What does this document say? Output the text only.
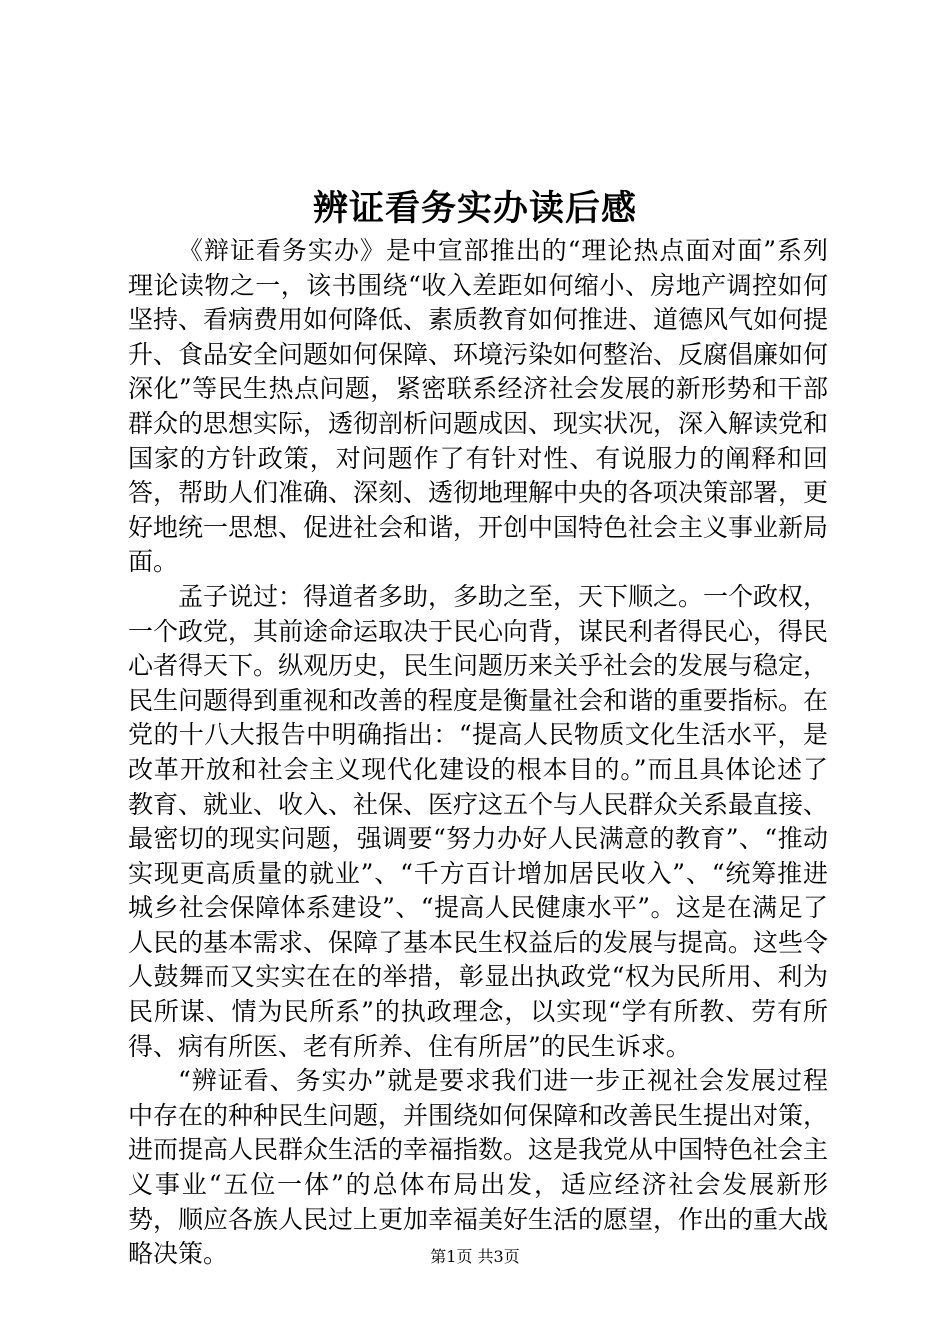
辨证看务实办读后感

《辩证看务实办》是中宣部推出的“理论热点面对面”系列理论读物之一，该书围绕“收入差距如何缩小、房地产调控如何坚持、看病费用如何降低、素质教育如何推进、道德风气如何提升、食品安全问题如何保障、环境污染如何整治、反腐倡廉如何深化”等民生热点问题，紧密联系经济社会发展的新形势和干部群众的思想实际，透彻剖析问题成因、现实状况，深入解读党和国家的方针政策，对问题作了有针对性、有说服力的阐释和回答，帮助人们准确、深刻、透彻地理解中央的各项决策部署，更好地统一思想、促进社会和谐，开创中国特色社会主义事业新局面。

孟子说过：得道者多助，多助之至，天下顺之。一个政权，一个政党，其前途命运取决于民心向背，谋民利者得民心，得民心者得天下。纵观历史，民生问题历来关乎社会的发展与稳定，民生问题得到重视和改善的程度是衡量社会和谐的重要指标。在党的十八大报告中明确指出：“提高人民物质文化生活水平，是改革开放和社会主义现代化建设的根本目的。”而且具体论述了教育、就业、收入、社保、医疗这五个与人民群众关系最直接、最密切的现实问题，强调要“努力办好人民满意的教育”、“推动实现更高质量的就业”、“千方百计增加居民收入”、“统筹推进城乡社会保障体系建设”、“提高人民健康水平”。这是在满足了人民的基本需求、保障了基本民生权益后的发展与提高。这些令人鼓舞而又实实在在的举措，彰显出执政党“权为民所用、利为民所谋、情为民所系”的执政理念，以实现“学有所教、劳有所得、病有所医、老有所养、住有所居”的民生诉求。

“辨证看、务实办”就是要求我们进一步正视社会发展过程中存在的种种民生问题，并围绕如何保障和改善民生提出对策，进而提高人民群众生活的幸福指数。这是我党从中国特色社会主义事业“五位一体”的总体布局出发，适应经济社会发展新形势，顺应各族人民过上更加幸福美好生活的愿望，作出的重大战略决策。	第1页 共3页
